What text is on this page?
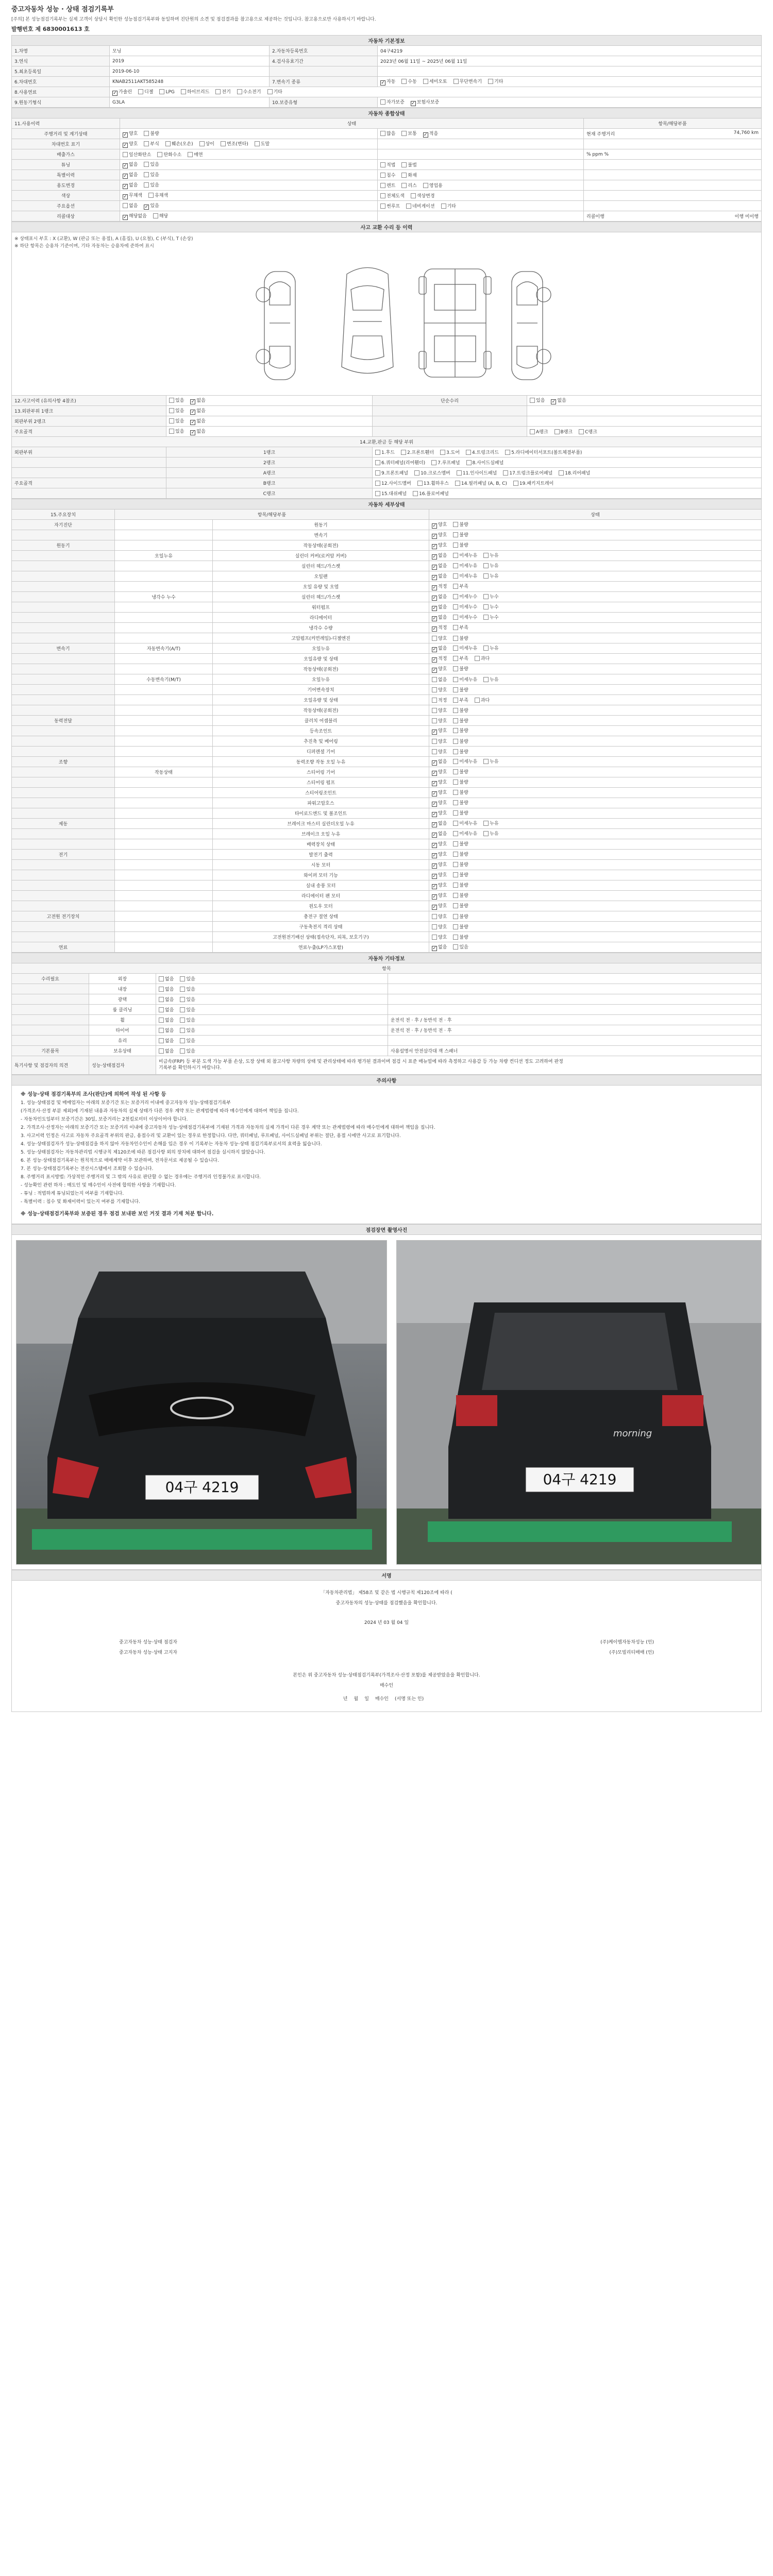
중고자동차 성능 · 상태 점검기록부
[주의] 본 성능점검기록부는 실제 고객이 상담시 확인한 성능점검기록부와 동일하며 진단원의 소견 및 점검결과를 참고용으로 제공하는 것입니다. 참고용으로만 사용하시기 바랍니다.
발행번호 제 6830001613 호
자동차 기본정보			
1.차명	모닝	2.자동차등록번호	04구4219
3.연식	2019	4.검사유효기간	2023년 06월 11일 ~ 2025년 06월 11일
5.최초등록일	2019-06-10		
6.차대번호	KNAB2511AKT585248	7.변속기 종류	✓자동 수동 세미오토 무단변속기 기타
8.사용연료	✓가솔린 디젤 LPG 하이브리드 전기 수소전기 기타
9.원동기형식	G3LA	10.보증유형	자가보증 ✓ 보험사보증
자동차 종합상태			
11.사용이력	상태		항목/해당부품
주행거리 및 계기상태	✓양호 불량	많음 보통 ✓ 적음	현재 주행거리 74,760 km

차대번호 표기	✓양호 부식 훼손(오손) 상이 변조(변타) 도말		

배출가스	일산화탄소 탄화수소 매연		% ppm %

튜닝	✓없음 있음	적법 불법	

특별이력	✓없음 있음	침수 화재	

용도변경	✓없음 있음	렌트 리스 영업용	

색상	✓무채색 유채색	전체도색 색상변경	

주요옵션	없음 ✓ 있음	썬루프 네비게이션 기타	

리콜대상	✓해당없음 해당		리콜이행 이행 미이행
사고 교환 수리 등 이력			

※ 상태표시 부호 : X (교환), W (판금 또는 용접), A (흠집), U (요철), C (부식), T (손상)
※ 하단 항목은 승용차 기준이며, 기타 자동차는 승용차에 준하여 표시			

12.사고이력 (유의사항 4참조)	있음 ✓ 없음	단순수리	있음 ✓ 없음
13.외판부위 1랭크	있음 ✓ 없음		
외판부위 2랭크	있음 ✓ 없음		
주요골격	있음 ✓ 없음		A랭크 B랭크 C랭크
14.교환,판금 등 해당 부위			
외판부위	1랭크	1.후드 2.프론트휀더 3.도어 4.트렁크리드 5.라디에이터서포트(볼트체결부품)	
	2랭크	6.쿼터패널(리어휀더) 7.루프패널 8.사이드실패널	
	A랭크	9.프론트패널 10.크로스멤버 11.인사이드패널 17.트렁크플로어패널 18.리어패널	
주요골격	B랭크	12.사이드멤버 13.휠하우스 14.필러패널 (A, B, C) 19.패키지트레이	
	C랭크	15.대쉬패널 16.플로어패널	
자동차 세부상태			
15.주요장치	항목/해당부품		상태
자기진단		원동기	✓양호 불량
		변속기	✓양호 불량
원동기		작동상태(공회전)	✓양호 불량
	오일누유	실린더 커버(로커암 커버)	✓없음 미세누유 누유
		실린더 헤드/가스켓	✓없음 미세누유 누유
		오일팬	✓없음 미세누유 누유
		오일 유량 및 오염	✓적정 부족
	냉각수 누수	실린더 헤드/가스켓	✓없음 미세누수 누수
		워터펌프	✓없음 미세누수 누수
		라디에이터	✓없음 미세누수 누수
		냉각수 수량	✓적정 부족
		고압펌프(커먼레일)-디젤엔진	양호 불량
변속기	자동변속기(A/T)	오일누유	✓없음 미세누유 누유
		오일유량 및 상태	✓적정 부족 과다
		작동상태(공회전)	✓양호 불량
	수동변속기(M/T)	오일누유	없음 미세누유 누유
		기어변속장치	양호 불량
		오일유량 및 상태	적정 부족 과다
		작동상태(공회전)	양호 불량
동력전달		클러치 어셈블리	양호 불량
		등속조인트	✓양호 불량
		추진축 및 베어링	양호 불량
		디퍼렌셜 기어	양호 불량
조향		동력조향 작동 오일 누유	✓없음 미세누유 누유
	작동상태	스티어링 기어	✓양호 불량
		스티어링 펌프	✓양호 불량
		스티어링조인트	✓양호 불량
		파워고압호스	✓양호 불량
		타이로드엔드 및 볼조인트	✓양호 불량
제동		브레이크 마스터 실린더오일 누유	✓없음 미세누유 누유
		브레이크 오일 누유	✓없음 미세누유 누유
		배력장치 상태	✓양호 불량
전기		발전기 출력	✓양호 불량
		시동 모터	✓양호 불량
		와이퍼 모터 기능	✓양호 불량
		실내 송풍 모터	✓양호 불량
		라디에이터 팬 모터	✓양호 불량
		윈도우 모터	✓양호 불량
고전원 전기장치		충전구 절연 상태	양호 불량
		구동축전지 격리 상태	양호 불량
		고전원전기배선 상태(접속단자, 피복, 보호기구)	양호 불량
연료		연료누출(LP가스포함)	✓없음 있음
자동차 기타정보			
항목			
수리필요	외장	없음 있음	
	내장	없음 있음	
	광택	없음 있음	
	룸 클리닝	없음 있음	
	휠	없음 있음	운전석 전 · 후 / 동반석 전 · 후
	타이어	없음 있음	운전석 전 · 후 / 동반석 전 · 후
	유리	없음 있음	
기본품목	보유상태	없음 있음	사용설명서 안전삼각대 잭 스패너
특기사항 및 점검자의 의견	성능·상태점검자	비금속(FRP) 등 부분 도색 가능 부품 손상, 도장 상태 외 참고사항 차량의 상태 및 관리상태에 따라 평가된 결과이며 점검 시 표준 매뉴얼에 따라 측정하고 사용감 등 가능 차량 컨디션 정도 고려하여 판정
기록부를 확인하시기 바랍니다.	
주의사항

※ 성능·상태 점검기록부의 조사(판단)에 의하여 작성 된 사항 등
1. 성능·상태점검 및 매매업자는 아래의 보증기간 또는 보증거리 이내에 중고자동차 성능·상태점검기록부
(가격조사·산정 부분 제외)에 기재된 내용과 자동차의 실제 상태가 다른 경우 계약 또는 관계법령에 따라 매수인에게 대하여 책임을 집니다.
- 자동차인도일부터 보증기간은 30일, 보증거리는 2천킬로미터 이상이어야 합니다.
2. 가격조사·산정자는 아래의 보증기간 또는 보증거리 이내에 중고자동차 성능·상태점검기록부에 기재된 가격과 자동차의 실제 가격이 다른 경우 계약 또는 관계법령에 따라 매수인에게 대하여 책임을 집니다.
3. 사고이력 인정은 사고로 자동차 주요골격 부위의 판금, 용접수리 및 교환이 있는 경우로 한정합니다. 다만, 쿼터패널, 루프패널, 사이드실패널 부위는 절단, 용접 시에만 사고로 표기합니다.
4. 성능·상태점검자가 성능·상태점검을 하지 않아 자동차인수인이 손해를 입은 경우 이 기록부는 자동차 성능·상태 점검기록부로서의 효력을 잃습니다.
5. 성능·상태점검자는 자동차관리법 시행규칙 제120조에 따른 점검사항 외의 장치에 대하여 점검을 실시하지 않았습니다.
6. 본 성능·상태점검기록부는 원칙적으로 매매계약 이후 보관하며, 전자문서로 제공될 수 있습니다.
7. 본 성능·상태점검기록부는 전산시스템에서 조회할 수 있습니다.
8. 주행거리 표시방법: 가상적인 주행거리 및 그 밖의 사유로 판단할 수 없는 경우에는 주행거리 인정불가로 표시합니다.
- 성능확인 관련 하자 : 매도인 및 매수인이 사전에 합의한 사항을 기재합니다.
- 튜닝 : 적법하게 튜닝되었는지 여부를 기재합니다.
- 특별이력 : 침수 및 화재이력이 있는지 여부를 기재합니다.
※ 성능·상태점검기록부와 보증된 경우 점검 보내판 보인 거짓 결과 기재 처분 합니다.
점검장면 촬영사진

04구 4219
morning
04구 4219
서명

「자동차관리법」 제58조 및 같은 법 시행규칙 제120조에 따라 (
중고자동차의 성능·상태를 점검했음을 확인합니다.
2024 년 03 월 04 일
중고자동차 성능·상태 점검자
중고자동차 성능·상태 고지자
(주)케이엠자동차성능 (인)
(주)모빌리티매매 (인)
본인은 위 중고자동차 성능·상태점검기록부(가격조사·산정 포함)를 제공받았음을 확인합니다.
매수인
년 월 일 매수인 (서명 또는 인)
